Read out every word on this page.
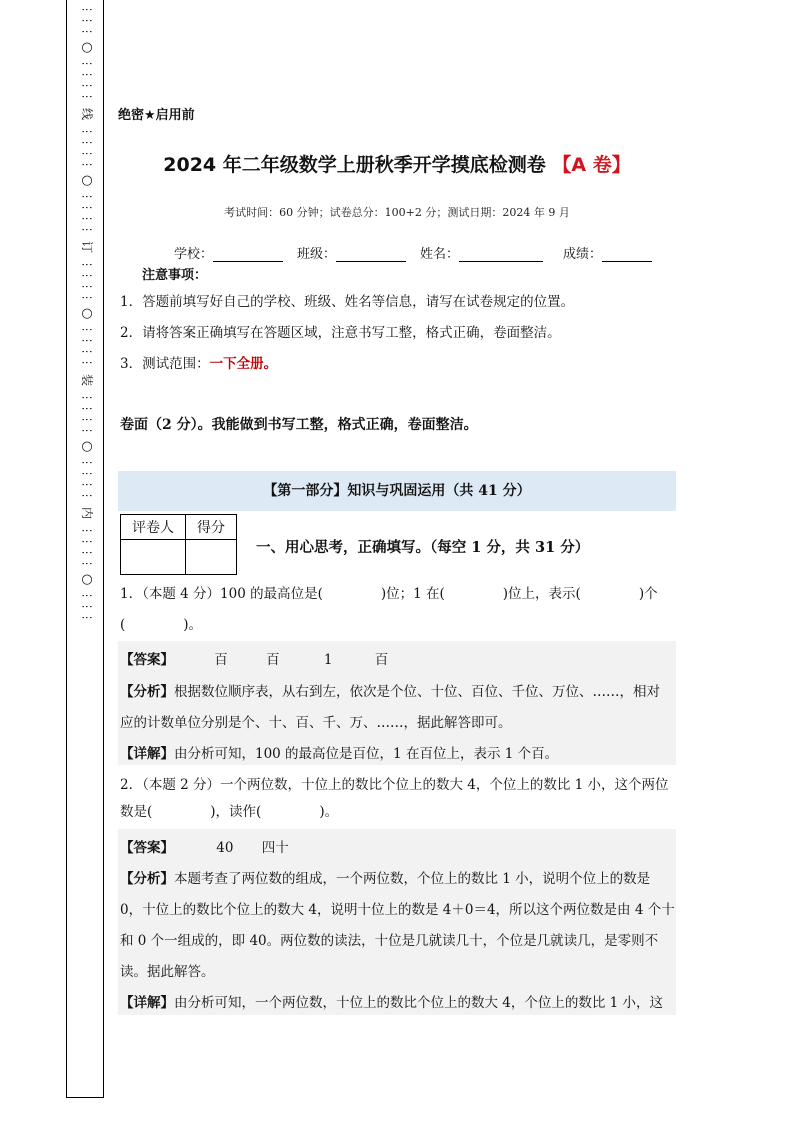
⋮⋮⋮
○
⋮⋮⋮⋮
线
⋮⋮⋮⋮
○
⋮⋮⋮⋮
订
⋮⋮⋮⋮
○
⋮⋮⋮⋮
装
⋮⋮⋮⋮
○
⋮⋮⋮⋮
内
⋮⋮⋮⋮
○
⋮⋮⋮
绝密★启用前
2024 年二年级数学上册秋季开学摸底检测卷 【A 卷】
考试时间：60 分钟；试卷总分：100+2 分；测试日期：2024 年 9 月
学校：	班级：	姓名：	成绩：
注意事项：
1．答题前填写好自己的学校、班级、姓名等信息，请写在试卷规定的位置。
2．请将答案正确填写在答题区域，注意书写工整，格式正确，卷面整洁。
3．测试范围：一下全册。
卷面（2 分）。我能做到书写工整，格式正确，卷面整洁。
【第一部分】知识与巩固运用（共 41 分）
评卷人	得分

一、用心思考，正确填写。（每空 1 分，共 31 分）
1．（本题 4 分）100 的最高位是(	)位；1 在(	)位上，表示(	)个
(	)。
【答案】	百	百	1	百
【分析】根据数位顺序表，从右到左，依次是个位、十位、百位、千位、万位、……，相对
应的计数单位分别是个、十、百、千、万、……，据此解答即可。
【详解】由分析可知，100 的最高位是百位，1 在百位上，表示 1 个百。
2．（本题 2 分）一个两位数，十位上的数比个位上的数大 4，个位上的数比 1 小，这个两位
数是(	)，读作(	)。
【答案】	40 四十
【分析】本题考查了两位数的组成，一个两位数，个位上的数比 1 小，说明个位上的数是
0，十位上的数比个位上的数大 4，说明十位上的数是 4＋0＝4，所以这个两位数是由 4 个十
和 0 个一组成的，即 40。两位数的读法，十位是几就读几十，个位是几就读几，是零则不
读。据此解答。
【详解】由分析可知，一个两位数，十位上的数比个位上的数大 4，个位上的数比 1 小，这
